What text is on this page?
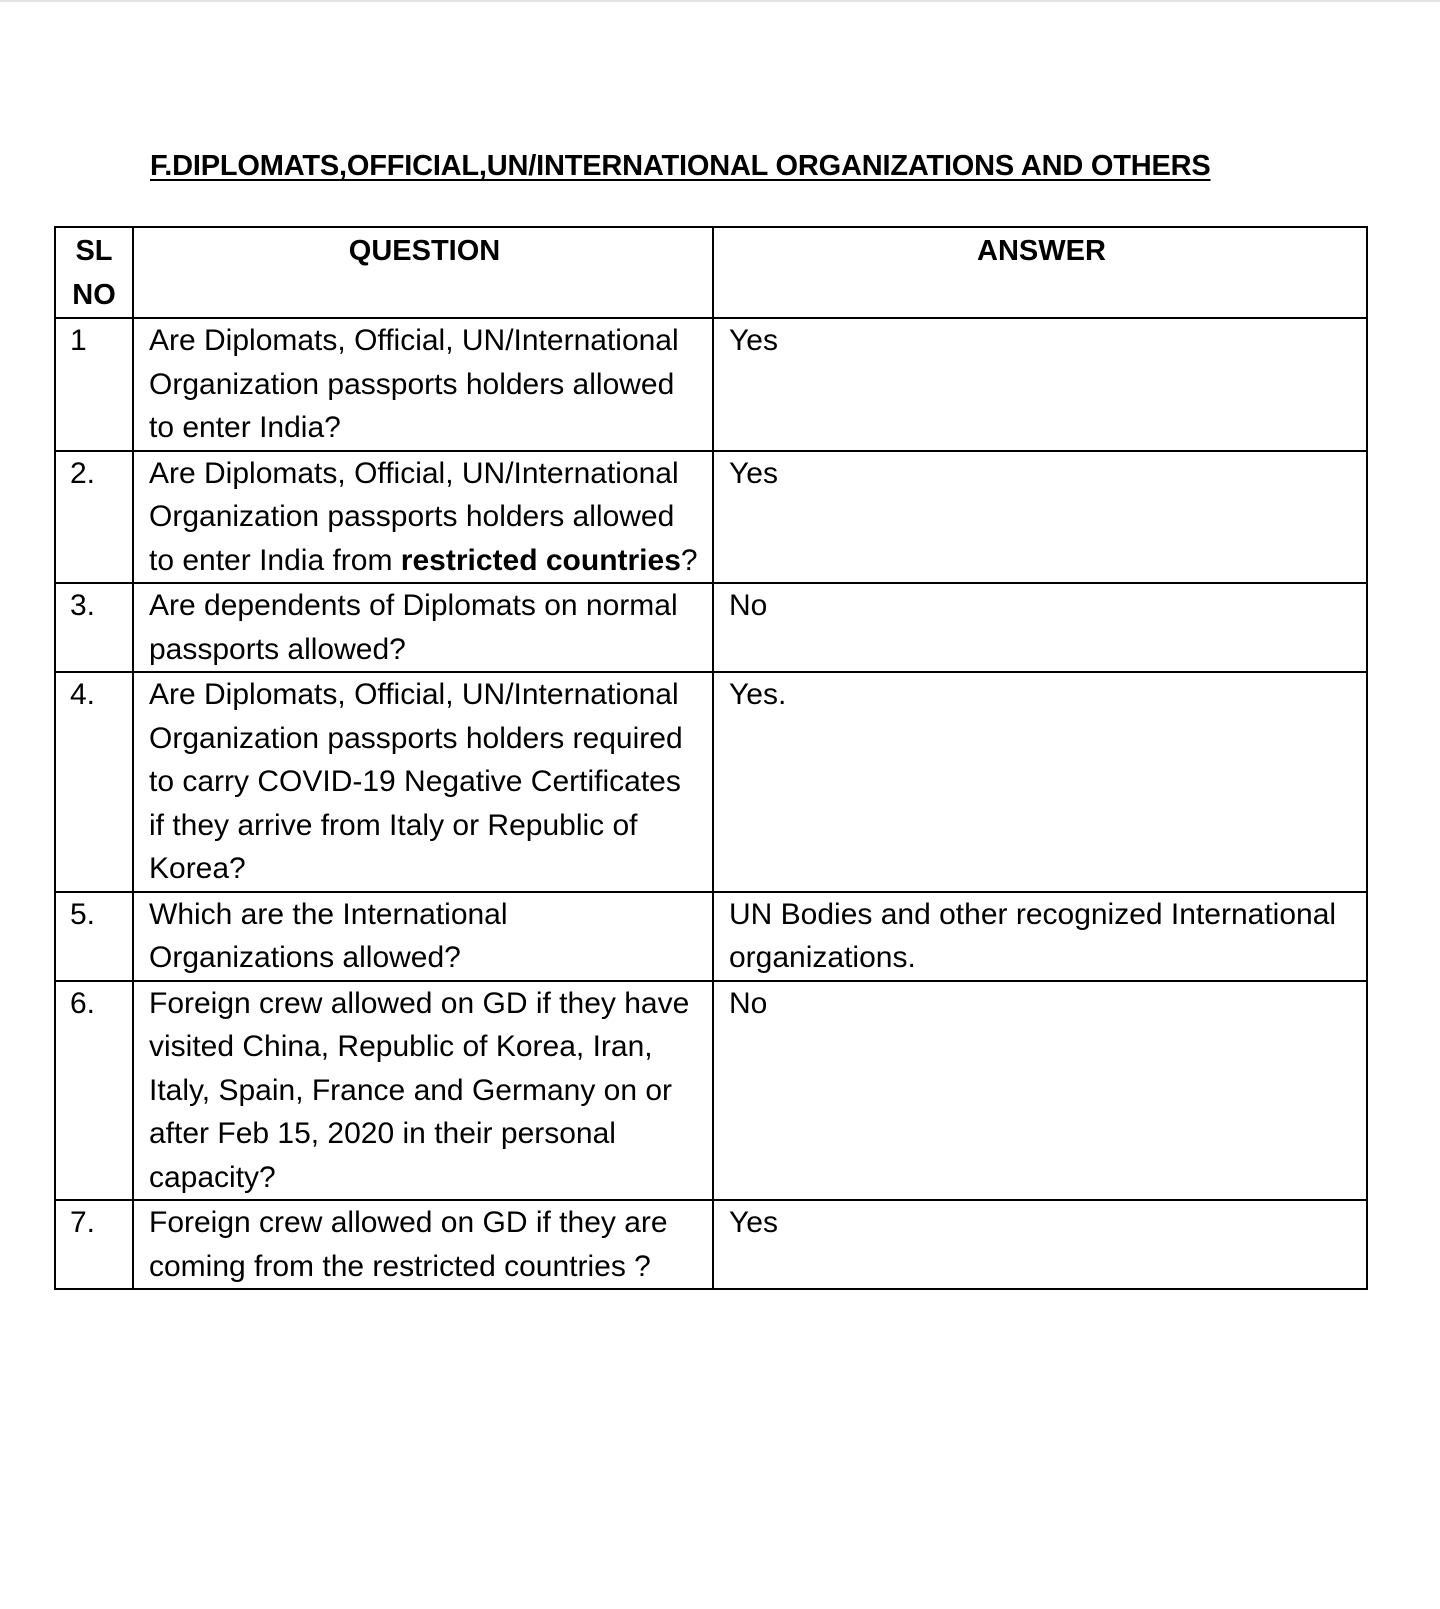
F.DIPLOMATS,OFFICIAL,UN/INTERNATIONAL ORGANIZATIONS AND OTHERS
SL NO	QUESTION	ANSWER
1	Are Diplomats, Official, UN/International Organization passports holders allowed to enter India?	Yes
2.	Are Diplomats, Official, UN/International Organization passports holders allowed to enter India from restricted countries?	Yes
3.	Are dependents of Diplomats on normal passports allowed?	No
4.	Are Diplomats, Official, UN/International Organization passports holders required to carry COVID-19 Negative Certificates if they arrive from Italy or Republic of Korea?	Yes.
5.	Which are the International Organizations allowed?	UN Bodies and other recognized International organizations.
6.	Foreign crew allowed on GD if they have visited China, Republic of Korea, Iran, Italy, Spain, France and Germany on or after Feb 15, 2020 in their personal capacity?	No
7.	Foreign crew allowed on GD if they are coming from the restricted countries ?	Yes
